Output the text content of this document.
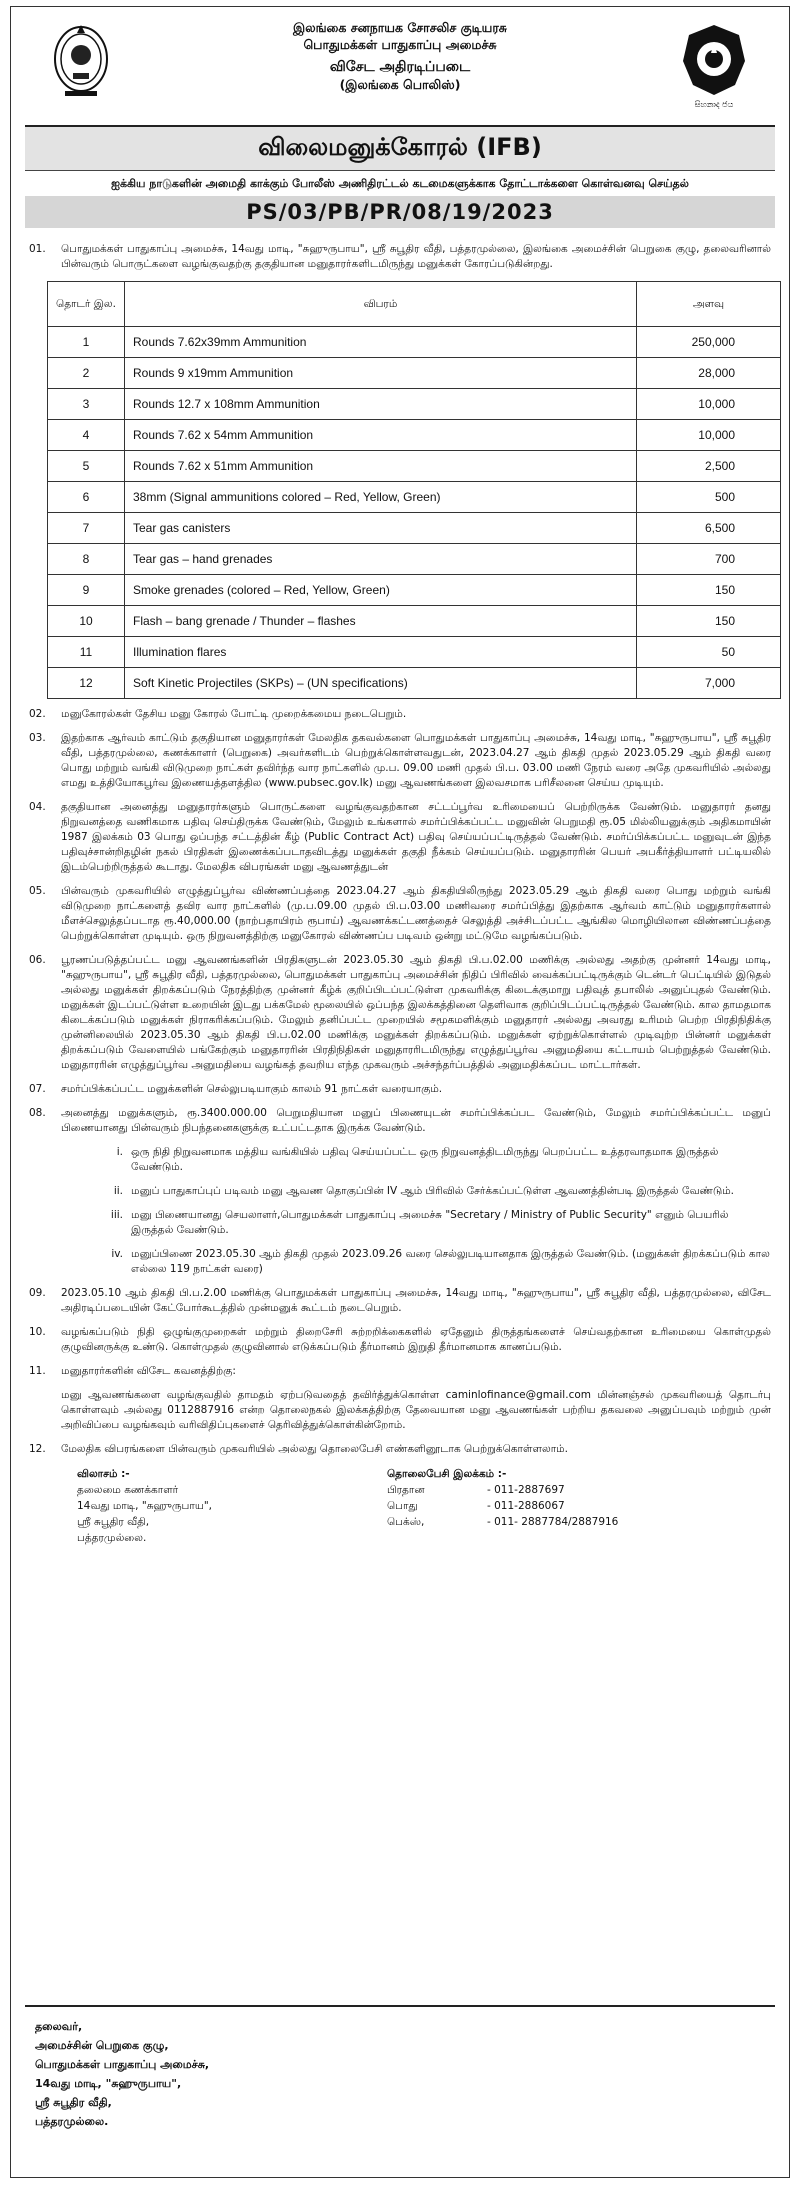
இலங்கை சனநாயக சோசலிச குடியரசு
பொதுமக்கள் பாதுகாப்பு அமைச்சு
விசேட அதிரடிப்படை
(இலங்கை பொலிஸ்)
සිහනාද ජය
விலைமனுக்கோரல் (IFB)
ஐக்கிய நாடுகளின் அமைதி காக்கும் போலீஸ் அணிதிரட்டல் கடமைகளுக்காக தோட்டாக்களை கொள்வனவு செய்தல்
PS/03/PB/PR/08/19/2023
01.	பொதுமக்கள் பாதுகாப்பு அமைச்சு, 14வது மாடி, "சுஹுருபாய", ஸ்ரீ சுபூதிர வீதி, பத்தரமுல்லை, இலங்கை அமைச்சின் பெறுகை குழு, தலைவரினால் பின்வரும் பொருட்களை வழங்குவதற்கு தகுதியான மனுதாரர்களிடமிருந்து மனுக்கள் கோரப்படுகின்றது.
தொடர் இல.	விபரம்	அளவு
1	Rounds 7.62x39mm Ammunition	250,000
2	Rounds 9 x19mm Ammunition	28,000
3	Rounds 12.7 x 108mm Ammunition	10,000
4	Rounds 7.62 x 54mm Ammunition	10,000
5	Rounds 7.62 x 51mm Ammunition	2,500
6	38mm (Signal ammunitions colored – Red, Yellow, Green)	500
7	Tear gas canisters	6,500
8	Tear gas – hand grenades	700
9	Smoke grenades (colored – Red, Yellow, Green)	150
10	Flash – bang grenade / Thunder – flashes	150
11	Illumination flares	50
12	Soft Kinetic Projectiles (SKPs) – (UN specifications)	7,000
02.	மனுகோரல்கள் தேசிய மனு கோரல் போட்டி முறைக்கமைய நடைபெறும்.
03.	இதற்காக ஆர்வம் காட்டும் தகுதியான மனுதாரர்கள் மேலதிக தகவல்களை பொதுமக்கள் பாதுகாப்பு அமைச்சு, 14வது மாடி, "சுஹுருபாய", ஸ்ரீ சுபூதிர வீதி, பத்தரமுல்லை, கணக்காளர் (பெறுகை) அவர்களிடம் பெற்றுக்கொள்ளவதுடன், 2023.04.27 ஆம் திகதி முதல் 2023.05.29 ஆம் திகதி வரை பொது மற்றும் வங்கி விடுமுறை நாட்கள் தவிர்ந்த வார நாட்களில் மு.ப. 09.00 மணி முதல் பி.ப. 03.00 மணி நேரம் வரை அதே முகவரியில் அல்லது எமது உத்தியோகபூர்வ இணையத்தளத்தில (www.pubsec.gov.lk) மனு ஆவணங்களை இலவசமாக பரிசீலனை செய்ய முடியும்.
04.	தகுதியான அனைத்து மனுதாரர்களும் பொருட்களை வழங்குவதற்கான சட்டப்பூர்வ உரிமையைப் பெற்றிருக்க வேண்டும். மனுதாரர் தனது நிறுவனத்தை வணிகமாக பதிவு செய்திருக்க வேண்டும், மேலும் உங்களால் சமர்ப்பிக்கப்பட்ட மனுவின் பெறுமதி ரூ.05 மில்லியனுக்கும் அதிகமாயின் 1987 இலக்கம் 03 பொது ஒப்பந்த சட்டத்தின் கீழ் (Public Contract Act) பதிவு செய்யப்பட்டிருத்தல் வேண்டும். சமர்ப்பிக்கப்பட்ட மனுவுடன் இந்த பதிவுச்சான்றிதழின் நகல் பிரதிகள் இணைக்கப்படாதவிடத்து மனுக்கள் தகுதி நீக்கம் செய்யப்படும். மனுதாரரின் பெயர் அபகீர்த்தியாளர் பட்டியலில் இடம்பெற்றிருத்தல் கூடாது. மேலதிக விபரங்கள் மனு ஆவணத்துடன்
05.	பின்வரும் முகவரியில் எழுத்துப்பூர்வ விண்ணப்பத்தை 2023.04.27 ஆம் திகதியிலிருந்து 2023.05.29 ஆம் திகதி வரை பொது மற்றும் வங்கி விடுமுறை நாட்களைத் தவிர வார நாட்களில் (மு.ப.09.00 முதல் பி.ப.03.00 மணிவரை சமர்ப்பித்து இதற்காக ஆர்வம் காட்டும் மனுதாரர்களால் மீளச்செலுத்தப்படாத ரூ.40,000.00 (நாற்பதாயிரம் ரூபாய்) ஆவணக்கட்டணத்தைச் செலுத்தி அச்சிடப்பட்ட ஆங்கில மொழியிலான விண்ணப்பத்தை பெற்றுக்கொள்ள முடியும். ஒரு நிறுவனத்திற்கு மனுகோரல் விண்ணப்ப படிவம் ஒன்று மட்டுமே வழங்கப்படும்.
06.	பூரணப்படுத்தப்பட்ட மனு ஆவணங்களின் பிரதிகளுடன் 2023.05.30 ஆம் திகதி பி.ப.02.00 மணிக்கு அல்லது அதற்கு முன்னர் 14வது மாடி, "சுஹுருபாய", ஸ்ரீ சுபூதிர வீதி, பத்தரமுல்லை, பொதுமக்கள் பாதுகாப்பு அமைச்சின் நிதிப் பிரிவில் வைக்கப்பட்டிருக்கும் டென்டர் பெட்டியில் இடுதல் அல்லது மனுக்கள் திறக்கப்படும் நேரத்திற்கு முன்னர் கீழ்க் குறிப்பிடப்பட்டுள்ள முகவரிக்கு கிடைக்குமாறு பதிவுத் தபாலில் அனுப்புதல் வேண்டும். மனுக்கள் இடப்பட்டுள்ள உறையின் இடது பக்கமேல் மூலையில் ஒப்பந்த இலக்கத்தினை தெளிவாக குறிப்பிடப்பட்டிருத்தல் வேண்டும். கால தாமதமாக கிடைக்கப்படும் மனுக்கள் நிராகரிக்கப்படும். மேலும் தனிப்பட்ட முறையில் சமூகமளிக்கும் மனுதாரர் அல்லது அவரது உரிமம் பெற்ற பிரதிநிதிக்கு முன்னிலையில் 2023.05.30 ஆம் திகதி பி.ப.02.00 மணிக்கு மனுக்கள் திறக்கப்படும். மனுக்கள் ஏற்றுக்கொள்ளல் முடிவுற்ற பின்னர் மனுக்கள் திறக்கப்படும் வேளையில் பங்கேற்கும் மனுதாரரின் பிரதிநிதிகள் மனுதாரரிடமிருந்து எழுத்துப்பூர்வ அனுமதியை கட்டாயம் பெற்றுத்தல் வேண்டும். மனுதாரரின் எழுத்துப்பூர்வ அனுமதியை வழங்கத் தவறிய எந்த முகவரும் அச்சந்தர்ப்பத்தில் அனுமதிக்கப்பட மாட்டார்கள்.
07.	சமர்ப்பிக்கப்பட்ட மனுக்களின் செல்லுபடியாகும் காலம் 91 நாட்கள் வரையாகும்.
08.	அனைத்து மனுக்களும், ரூ.3400.000.00 பெறுமதியான மனுப் பிணையுடன் சமர்ப்பிக்கப்பட வேண்டும், மேலும் சமர்ப்பிக்கப்பட்ட மனுப் பிணையானது பின்வரும் நிபந்தனைகளுக்கு உட்பட்டதாக இருக்க வேண்டும்.
i. ஒரு நிதி நிறுவனமாக மத்திய வங்கியில் பதிவு செய்யப்பட்ட ஒரு நிறுவனத்திடமிருந்து பெறப்பட்ட உத்தரவாதமாக இருத்தல் வேண்டும்.
ii. மனுப் பாதுகாப்புப் படிவம் மனு ஆவண தொகுப்பின் IV ஆம் பிரிவில் சேர்க்கப்பட்டுள்ள ஆவணத்தின்படி இருத்தல் வேண்டும்.
iii. மனு பிணையானது செயலாளர்,பொதுமக்கள் பாதுகாப்பு அமைச்சு "Secretary / Ministry of Public Security" எனும் பெயரில் இருத்தல் வேண்டும்.
iv. மனுப்பிணை 2023.05.30 ஆம் திகதி முதல் 2023.09.26 வரை செல்லுபடியானதாக இருத்தல் வேண்டும். (மனுக்கள் திறக்கப்படும் கால எல்லை 119 நாட்கள் வரை)
09.	2023.05.10 ஆம் திகதி பி.ப.2.00 மணிக்கு பொதுமக்கள் பாதுகாப்பு அமைச்சு, 14வது மாடி, "சுஹுருபாய", ஸ்ரீ சுபூதிர வீதி, பத்தரமுல்லை, விசேட அதிரடிப்படையின் கேட்போர்கூடத்தில் முன்மனுக் கூட்டம் நடைபெறும்.
10.	வழங்கப்படும் நிதி ஒழுங்குமுறைகள் மற்றும் திறைசேரி சுற்றறிக்கைகளில் ஏதேனும் திருத்தங்களைச் செய்வதற்கான உரிமையை கொள்முதல் குழுவினருக்கு உண்டு. கொள்முதல் குழுவினால் எடுக்கப்படும் தீர்மானம் இறுதி தீர்மானமாக காணப்படும்.
11.	மனுதாரர்களின் விசேட கவனத்திற்கு:
மனு ஆவணங்களை வழங்குவதில் தாமதம் ஏற்படுவதைத் தவிர்த்துக்கொள்ள caminlofinance@gmail.com மின்னஞ்சல் முகவரியைத் தொடர்பு கொள்ளவும் அல்லது 0112887916 என்ற தொலைநகல் இலக்கத்திற்கு தேவையான மனு ஆவணங்கள் பற்றிய தகவலை அனுப்பவும் மற்றும் முன் அறிவிப்பை வழங்கவும் வரிவிதிப்புகளைச் தெரிவித்துக்கொள்கின்றோம்.
12.	மேலதிக விபரங்களை பின்வரும் முகவரியில் அல்லது தொலைபேசி எண்களினூடாக பெற்றுக்கொள்ளலாம்.
விலாசம் :-
தலைமை கணக்காளர்
14வது மாடி, "சுஹுருபாய",
ஸ்ரீ சுபூதிர வீதி,
பத்தரமுல்லை.
தொலைபேசி இலக்கம் :-
பிரதான	- 011-2887697
பொது	- 011-2886067
பெக்ஸ்,	- 011- 2887784/2887916
தலைவர்,
அமைச்சின் பெறுகை குழு,
பொதுமக்கள் பாதுகாப்பு அமைச்சு,
14வது மாடி, "சுஹுருபாய",
ஸ்ரீ சுபூதிர வீதி,
பத்தரமுல்லை.
